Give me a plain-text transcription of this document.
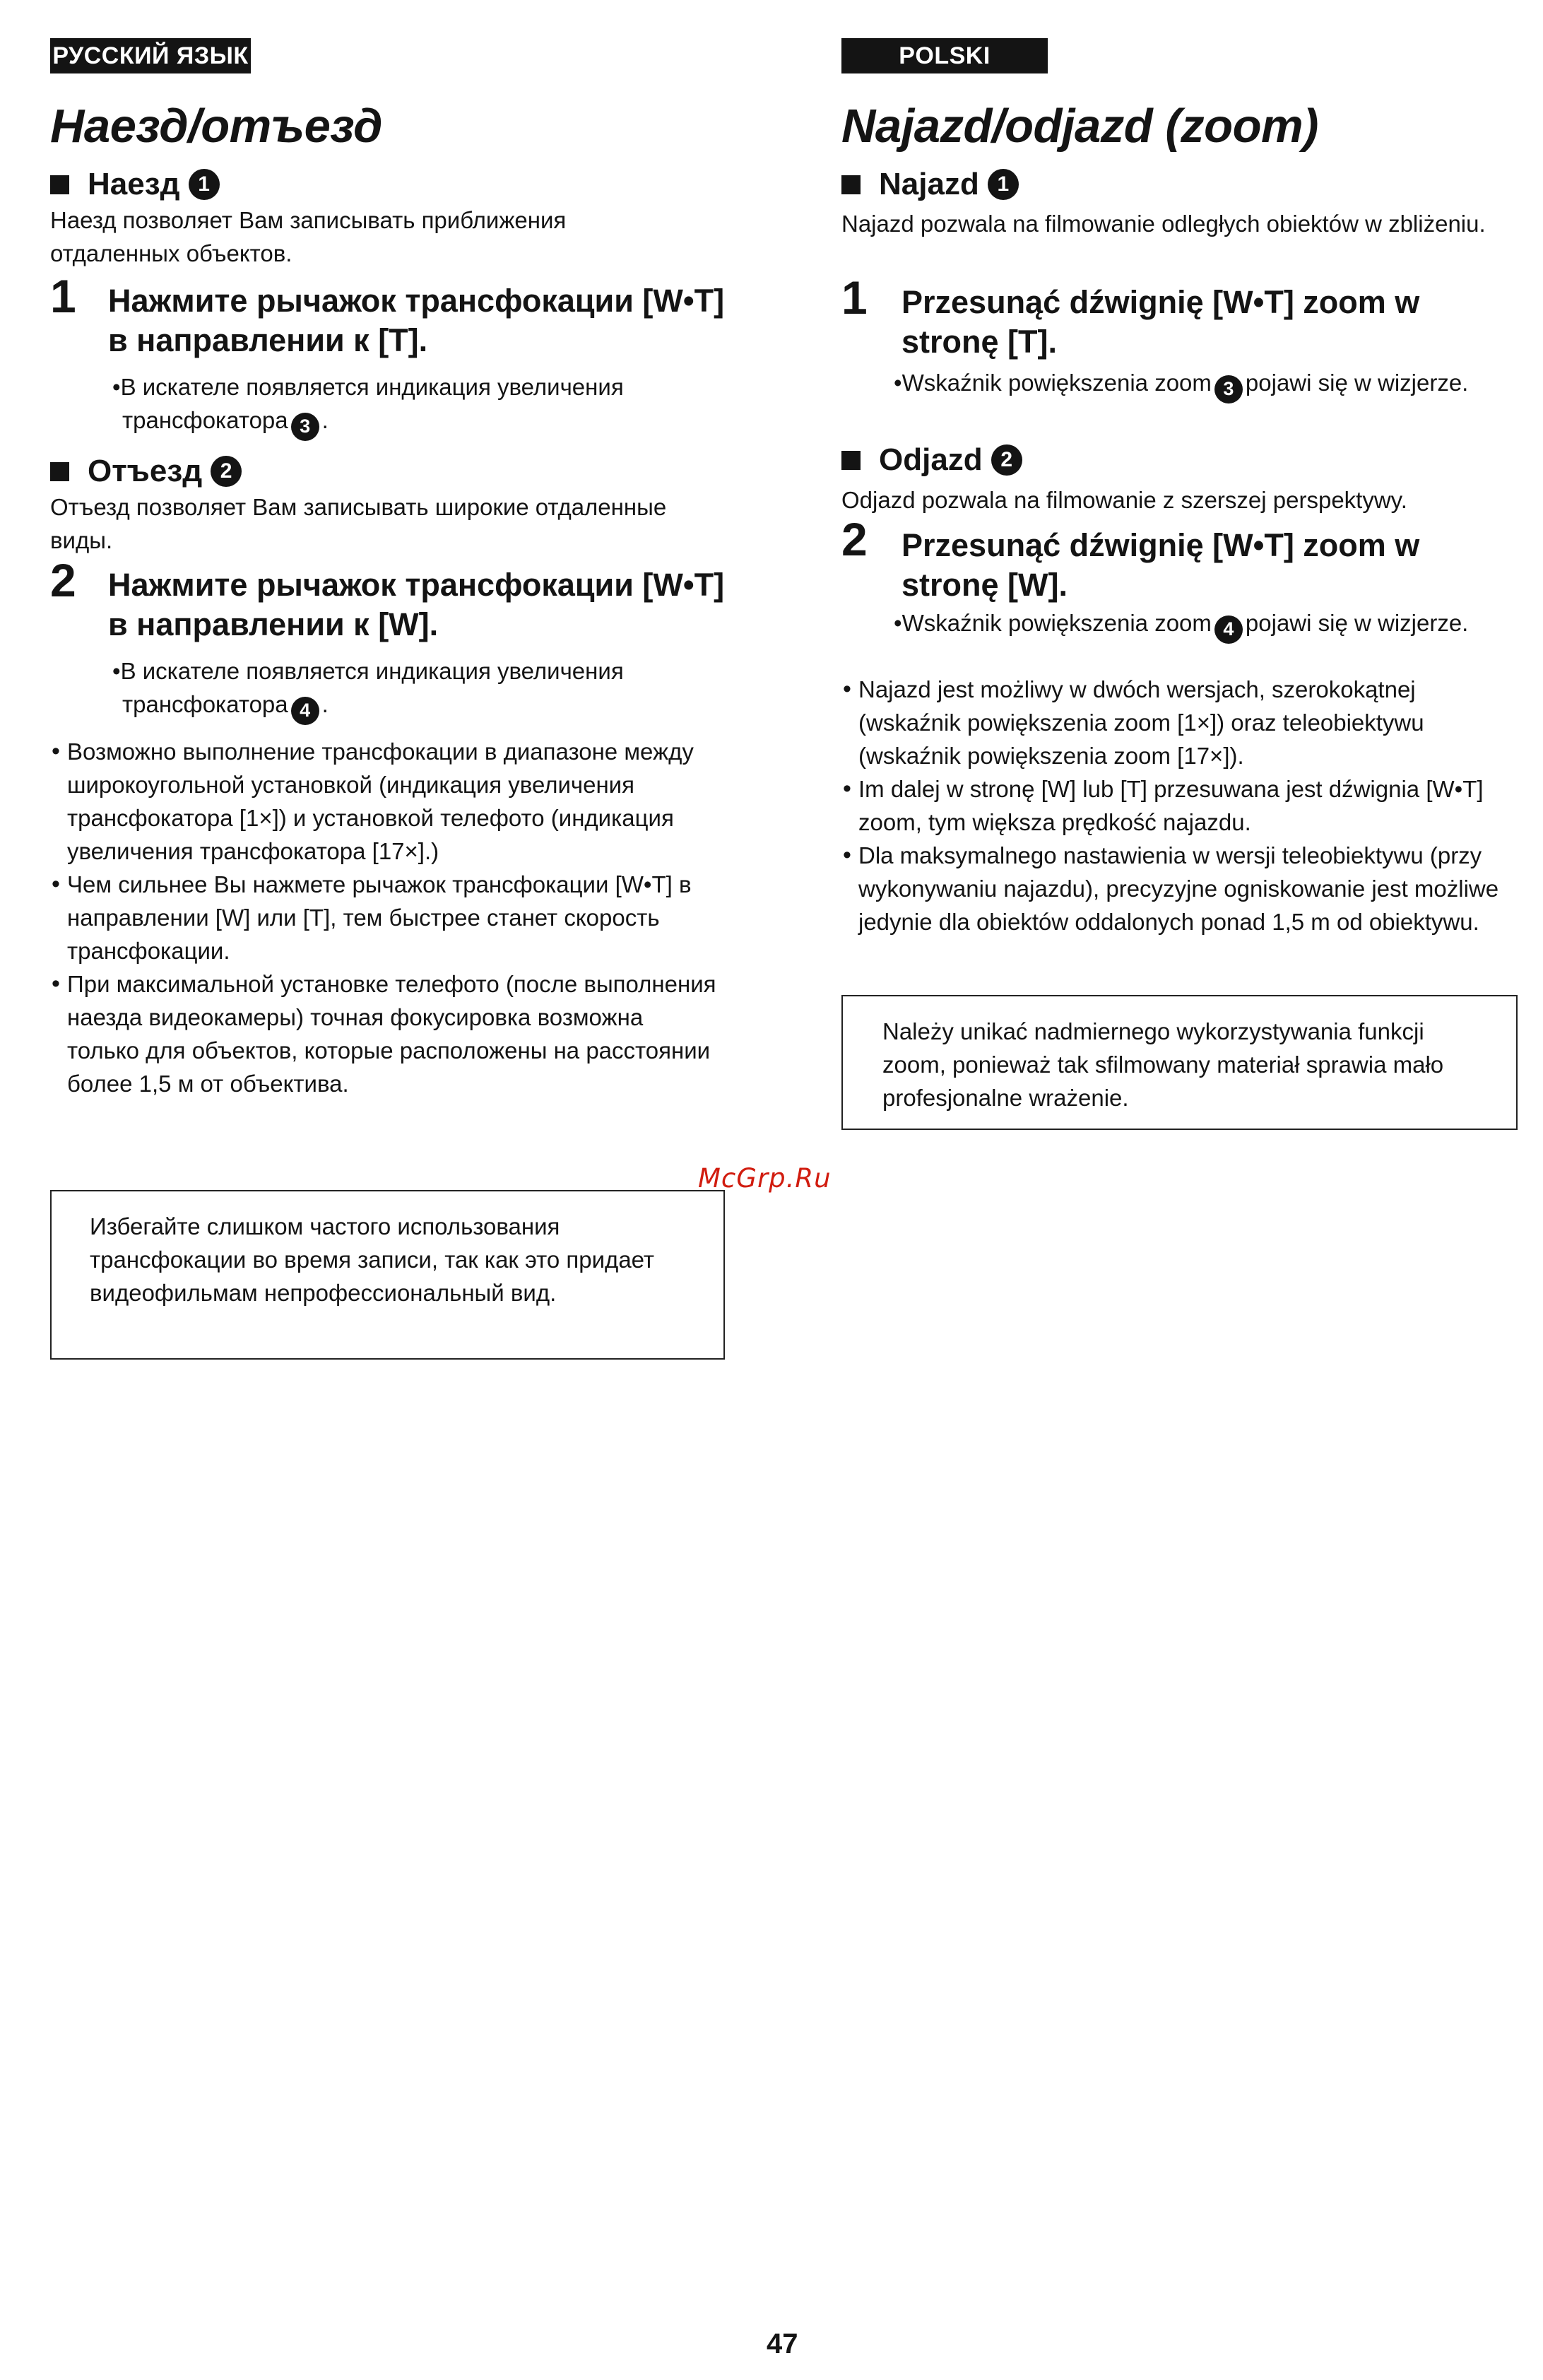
РУССКИЙ ЯЗЫК
Наезд/отъезд
Наезд 1

Наезд позволяет Вам записывать приближения отдаленных объектов.

1 Нажмите рычажок трансфокации [W•T] в направлении к [T].

•В искателе появляется индикация увеличения трансфокатора 3 .

Отъезд 2

Отъезд позволяет Вам записывать широкие отдаленные виды.

2 Нажмите рычажок трансфокации [W•T] в направлении к [W].

•В искателе появляется индикация увеличения трансфокатора 4 .

• Возможно выполнение трансфокации в диапазоне между широкоугольной установкой (индикация увеличения трансфокатора [1×]) и установкой телефото (индикация увеличения трансфокатора [17×].)
• Чем сильнее Вы нажмете рычажок трансфокации [W•T] в направлении [W] или [T], тем быстрее станет скорость трансфокации.
• При максимальной установке телефото (после выполнения наезда видеокамеры) точная фокусировка возможна только для объектов, которые расположены на расстоянии более 1,5 м от объектива.

Избегайте слишком частого использования трансфокации во время записи, так как это придает видеофильмам непрофессиональный вид.

POLSKI
Najazd/odjazd (zoom)
Najazd 1

Najazd pozwala na filmowanie odległych obiektów w zbliżeniu.

1 Przesunąć dźwignię [W•T] zoom w stronę [T].

•Wskaźnik powiększenia zoom 3 pojawi się w wizjerze.

Odjazd 2

Odjazd pozwala na filmowanie z szerszej perspektywy.

2 Przesunąć dźwignię [W•T] zoom w stronę [W].

•Wskaźnik powiększenia zoom 4 pojawi się w wizjerze.

• Najazd jest możliwy w dwóch wersjach, szerokokątnej (wskaźnik powiększenia zoom [1×]) oraz teleobiektywu (wskaźnik powiększenia zoom [17×]).
• Im dalej w stronę [W] lub [T] przesuwana jest dźwignia [W•T] zoom, tym większa prędkość najazdu.
• Dla maksymalnego nastawienia w wersji teleobiektywu (przy wykonywaniu najazdu), precyzyjne ogniskowanie jest możliwe jedynie dla obiektów oddalonych ponad 1,5 m od obiektywu.

Należy unikać nadmiernego wykorzystywania funkcji zoom, ponieważ tak sfilmowany materiał sprawia mało profesjonalne wrażenie.

McGrp.Ru
47
